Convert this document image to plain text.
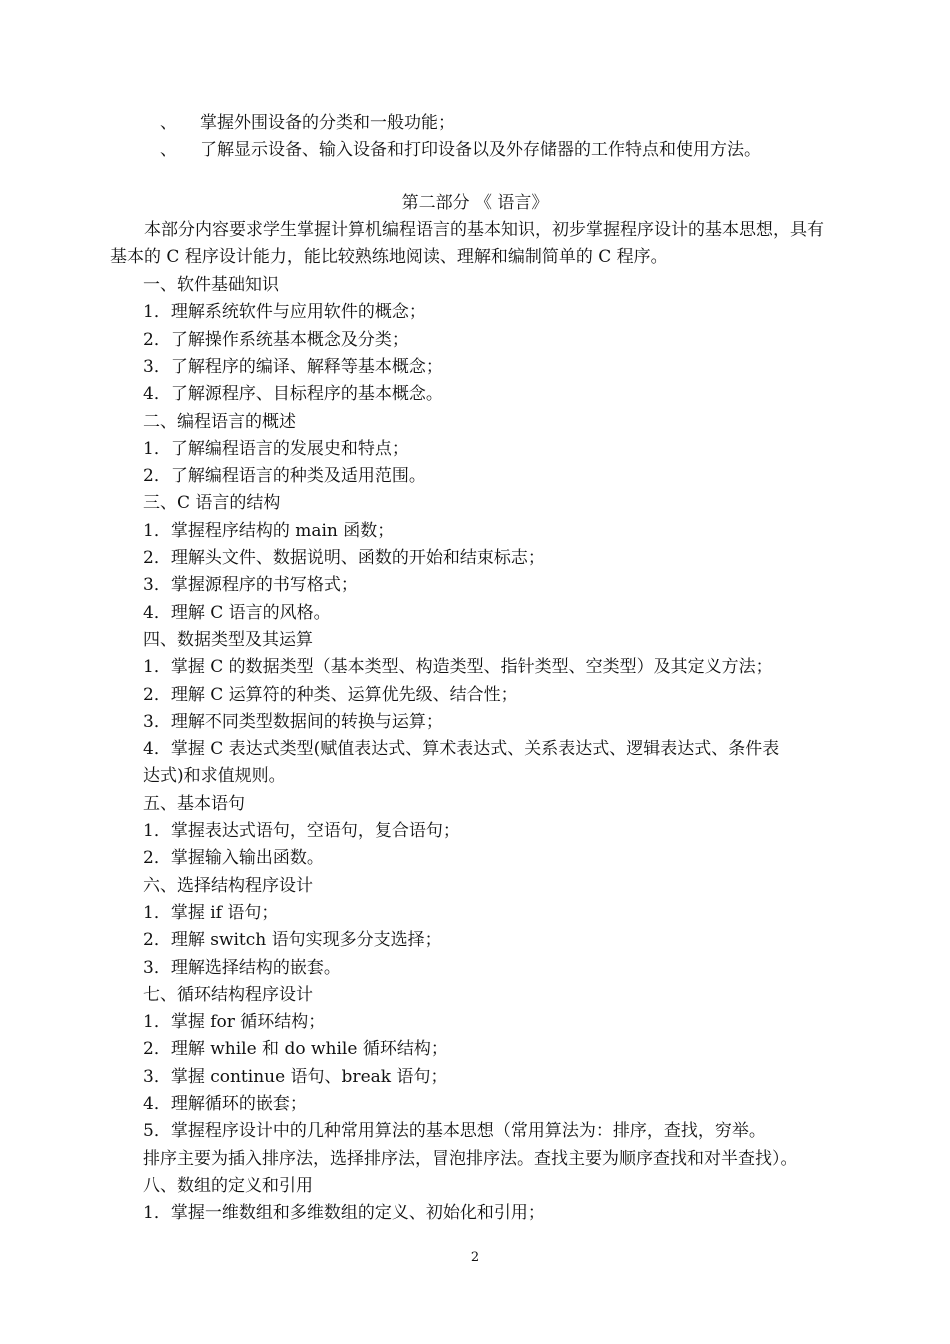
、 掌握外围设备的分类和一般功能；
、 了解显示设备、输入设备和打印设备以及外存储器的工作特点和使用方法。
第二部分 《 语言》
本部分内容要求学生掌握计算机编程语言的基本知识，初步掌握程序设计的基本思想，具有基本的 C 程序设计能力，能比较熟练地阅读、理解和编制简单的 C 程序。
一、软件基础知识
1．理解系统软件与应用软件的概念；
2．了解操作系统基本概念及分类；
3．了解程序的编译、解释等基本概念；
4．了解源程序、目标程序的基本概念。
二、编程语言的概述
1．了解编程语言的发展史和特点；
2．了解编程语言的种类及适用范围。
三、C 语言的结构
1．掌握程序结构的 main 函数；
2．理解头文件、数据说明、函数的开始和结束标志；
3．掌握源程序的书写格式；
4．理解 C 语言的风格。
四、数据类型及其运算
1．掌握 C 的数据类型（基本类型、构造类型、指针类型、空类型）及其定义方法；
2．理解 C 运算符的种类、运算优先级、结合性；
3．理解不同类型数据间的转换与运算；
4．掌握 C 表达式类型(赋值表达式、算术表达式、关系表达式、逻辑表达式、条件表
达式)和求值规则。
五、基本语句
1．掌握表达式语句，空语句，复合语句；
2．掌握输入输出函数。
六、选择结构程序设计
1．掌握 if 语句；
2．理解 switch 语句实现多分支选择；
3．理解选择结构的嵌套。
七、循环结构程序设计
1．掌握 for 循环结构；
2．理解 while 和 do while 循环结构；
3．掌握 continue 语句、break 语句；
4．理解循环的嵌套；
5．掌握程序设计中的几种常用算法的基本思想（常用算法为：排序，查找，穷举。
排序主要为插入排序法，选择排序法，冒泡排序法。查找主要为顺序查找和对半查找）。
八、数组的定义和引用
1．掌握一维数组和多维数组的定义、初始化和引用；
2
